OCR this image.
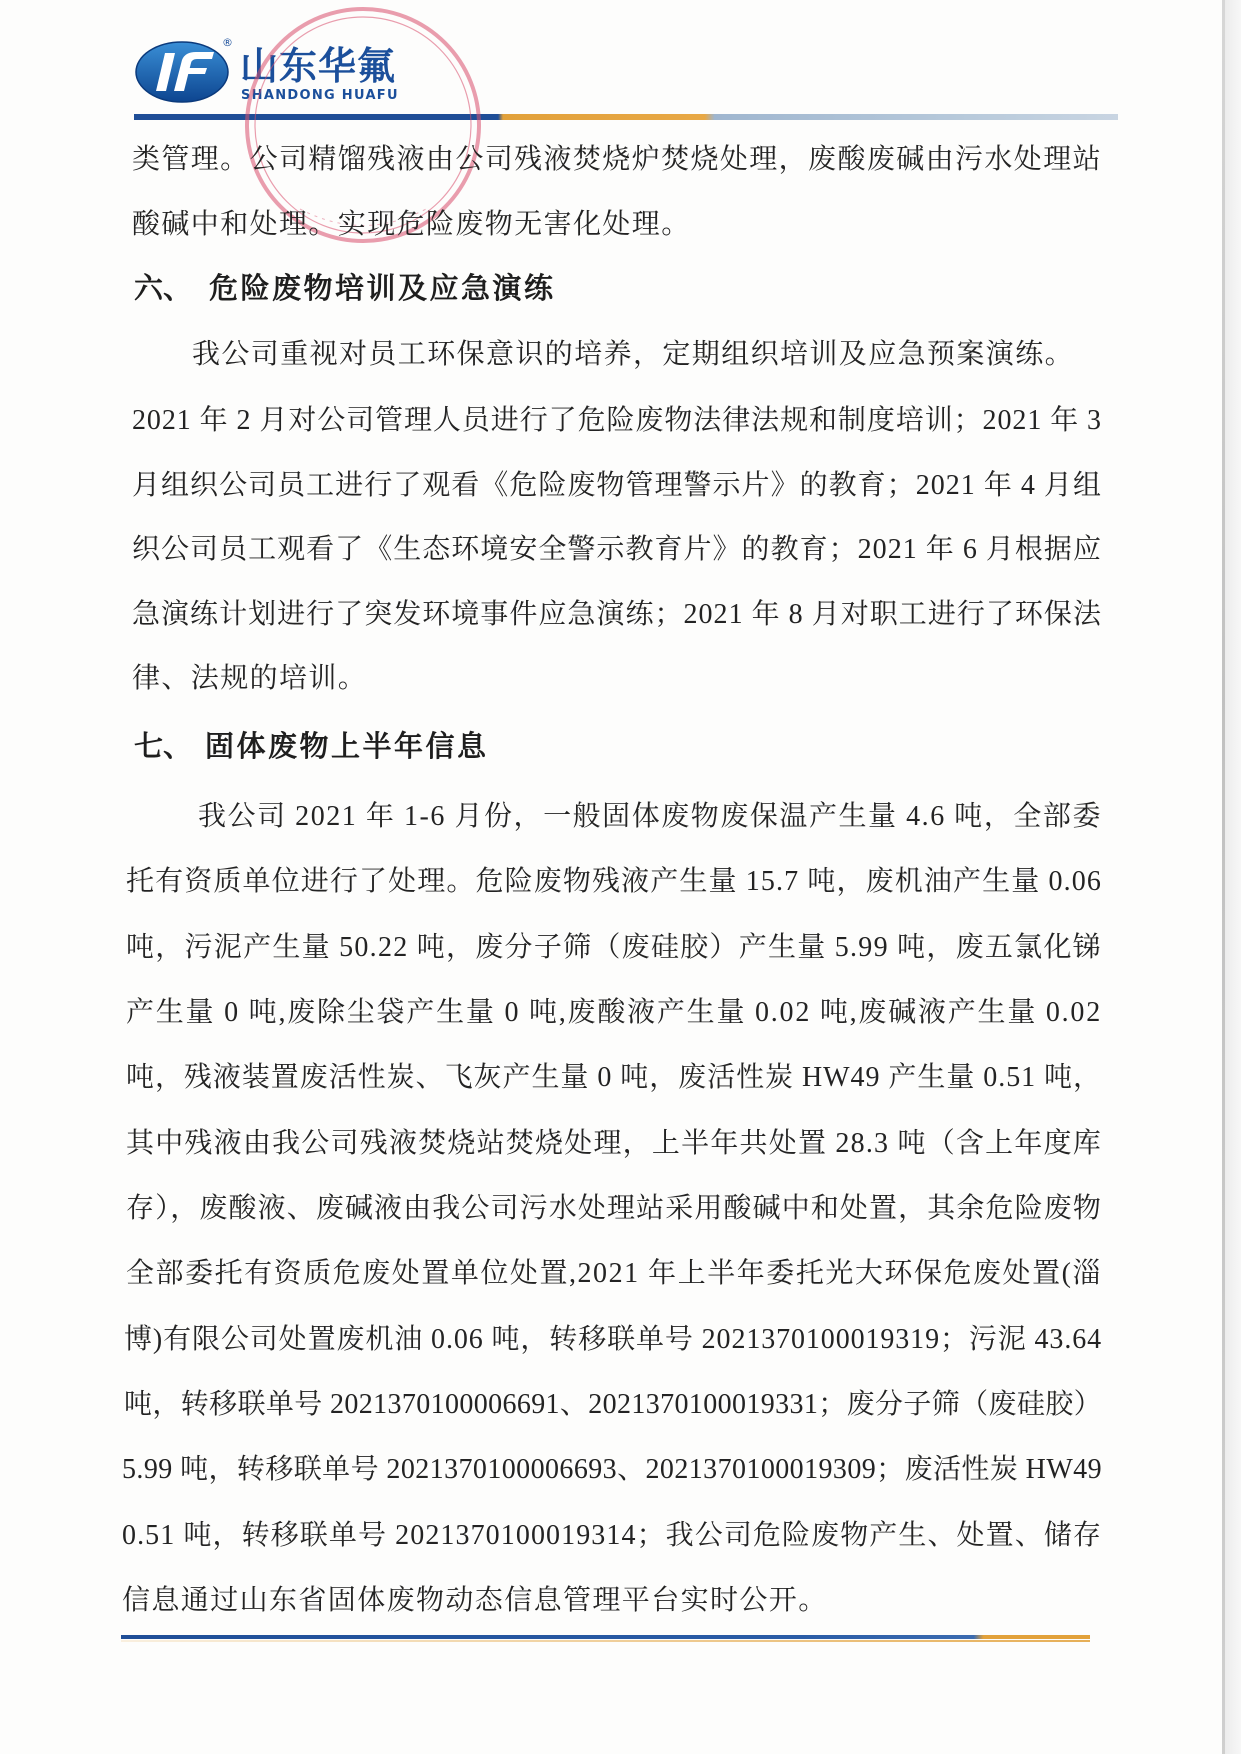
®
山东华氟
SHANDONG HUAFU
类管理。公司精馏残液由公司残液焚烧炉焚烧处理，废酸废碱由污水处理站
酸碱中和处理。实现危险废物无害化处理。
六、 危险废物培训及应急演练
我公司重视对员工环保意识的培养，定期组织培训及应急预案演练。
2021 年 2 月对公司管理人员进行了危险废物法律法规和制度培训；2021 年 3
月组织公司员工进行了观看《危险废物管理警示片》的教育；2021 年 4 月组
织公司员工观看了《生态环境安全警示教育片》的教育；2021 年 6 月根据应
急演练计划进行了突发环境事件应急演练；2021 年 8 月对职工进行了环保法
律、法规的培训。
七、 固体废物上半年信息
我公司 2021 年 1-6 月份，一般固体废物废保温产生量 4.6 吨，全部委
托有资质单位进行了处理。危险废物残液产生量 15.7 吨，废机油产生量 0.06
吨，污泥产生量 50.22 吨，废分子筛（废硅胶）产生量 5.99 吨，废五氯化锑
产生量 0 吨,废除尘袋产生量 0 吨,废酸液产生量 0.02 吨,废碱液产生量 0.02
吨，残液装置废活性炭、飞灰产生量 0 吨，废活性炭 HW49 产生量 0.51 吨，
其中残液由我公司残液焚烧站焚烧处理，上半年共处置 28.3 吨（含上年度库
存），废酸液、废碱液由我公司污水处理站采用酸碱中和处置，其余危险废物
全部委托有资质危废处置单位处置,2021 年上半年委托光大环保危废处置(淄
博)有限公司处置废机油 0.06 吨，转移联单号 2021370100019319；污泥 43.64
吨，转移联单号 2021370100006691、2021370100019331；废分子筛（废硅胶）
5.99 吨，转移联单号 2021370100006693、2021370100019309；废活性炭 HW49
0.51 吨，转移联单号 2021370100019314；我公司危险废物产生、处置、储存
信息通过山东省固体废物动态信息管理平台实时公开。
